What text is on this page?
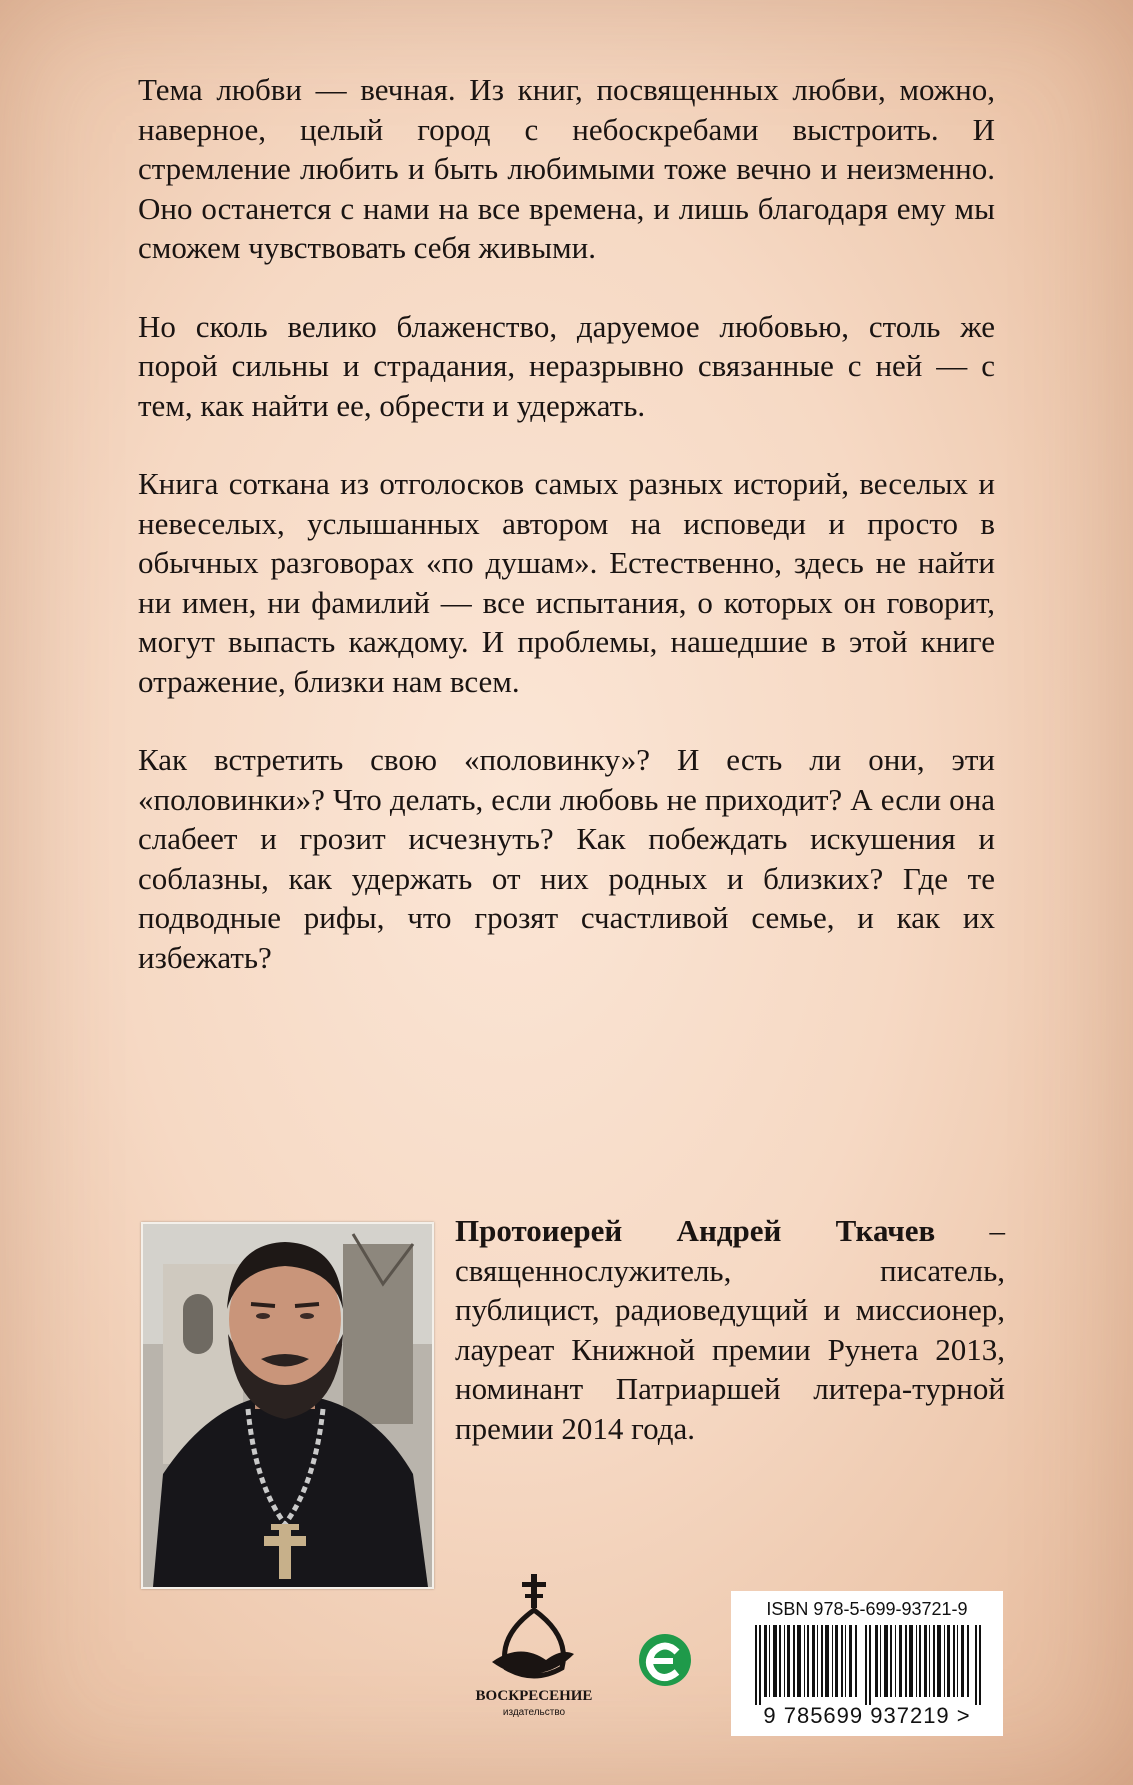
Тема любви — вечная. Из книг, посвященных любви, можно, наверное, целый город с небоскребами выстроить. И стремление любить и быть любимыми тоже вечно и неизменно. Оно останется с нами на все времена, и лишь благодаря ему мы сможем чувствовать себя живыми.

Но сколь велико блаженство, даруемое любовью, столь же порой сильны и страдания, неразрывно связанные с ней — с тем, как найти ее, обрести и удержать.

Книга соткана из отголосков самых разных историй, веселых и невеселых, услышанных автором на исповеди и просто в обычных разговорах «по душам». Естественно, здесь не найти ни имен, ни фамилий — все испытания, о которых он говорит, могут выпасть каждому. И проблемы, нашедшие в этой книге отражение, близки нам всем.

Как встретить свою «половинку»? И есть ли они, эти «половинки»? Что делать, если любовь не приходит? А если она слабеет и грозит исчезнуть? Как побеждать искушения и соблазны, как удержать от них родных и близких? Где те подводные рифы, что грозят счастливой семье, и как их избежать?

Протоиерей Андрей Ткачев – священнослужитель, писатель, публицист, радиоведущий и миссионер, лауреат Книжной премии Рунета 2013, номинант Патриаршей литера-турной премии 2014 года.
ВОСКРЕСЕНИЕ
издательство
ISBN 978-5-699-93721-9
9 785699 937219 >
